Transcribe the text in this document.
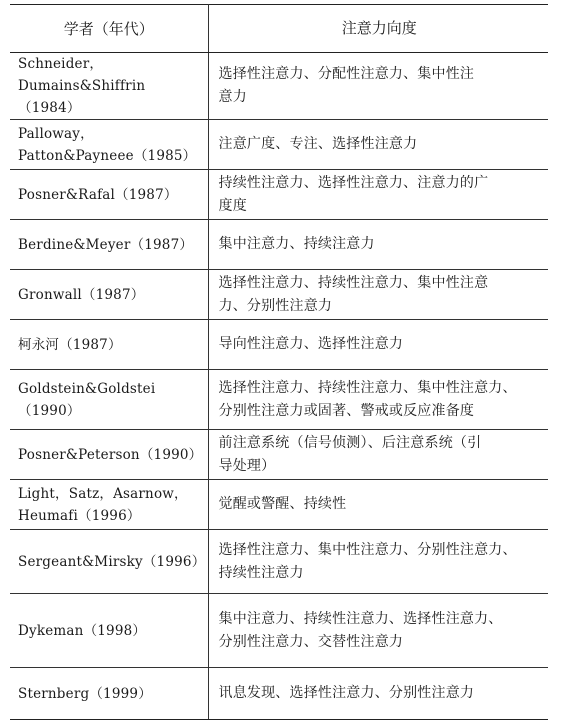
学者（年代）	注意力向度

Schneider，
Dumains&Shiffrin（1984）	选择性注意力、分配性注意力、集中性注
意力

Palloway，
Patton&Payneee（1985）	注意广度、专注、选择性注意力

Posner&Rafal（1987）	持续性注意力、选择性注意力、注意力的广
度度

Berdine&Meyer（1987）	集中注意力、持续注意力

Gronwall（1987）	选择性注意力、持续性注意力、集中性注意
力、分别性注意力

柯永河（1987）	导向性注意力、选择性注意力

Goldstein&Goldstei（1990）	选择性注意力、持续性注意力、集中性注意力、
分别性注意力或固著、警戒或反应准备度

Posner&Peterson（1990）	前注意系统（信号侦测）、后注意系统（引
导处理）

Light，Satz，Asarnow，
Heumafi（1996）	觉醒或警醒、持续性

Sergeant&Mirsky（1996）	选择性注意力、集中性注意力、分别性注意力、
持续性注意力

Dykeman（1998）	集中注意力、持续性注意力、选择性注意力、
分别性注意力、交替性注意力

Sternberg（1999）	讯息发现、选择性注意力、分别性注意力
